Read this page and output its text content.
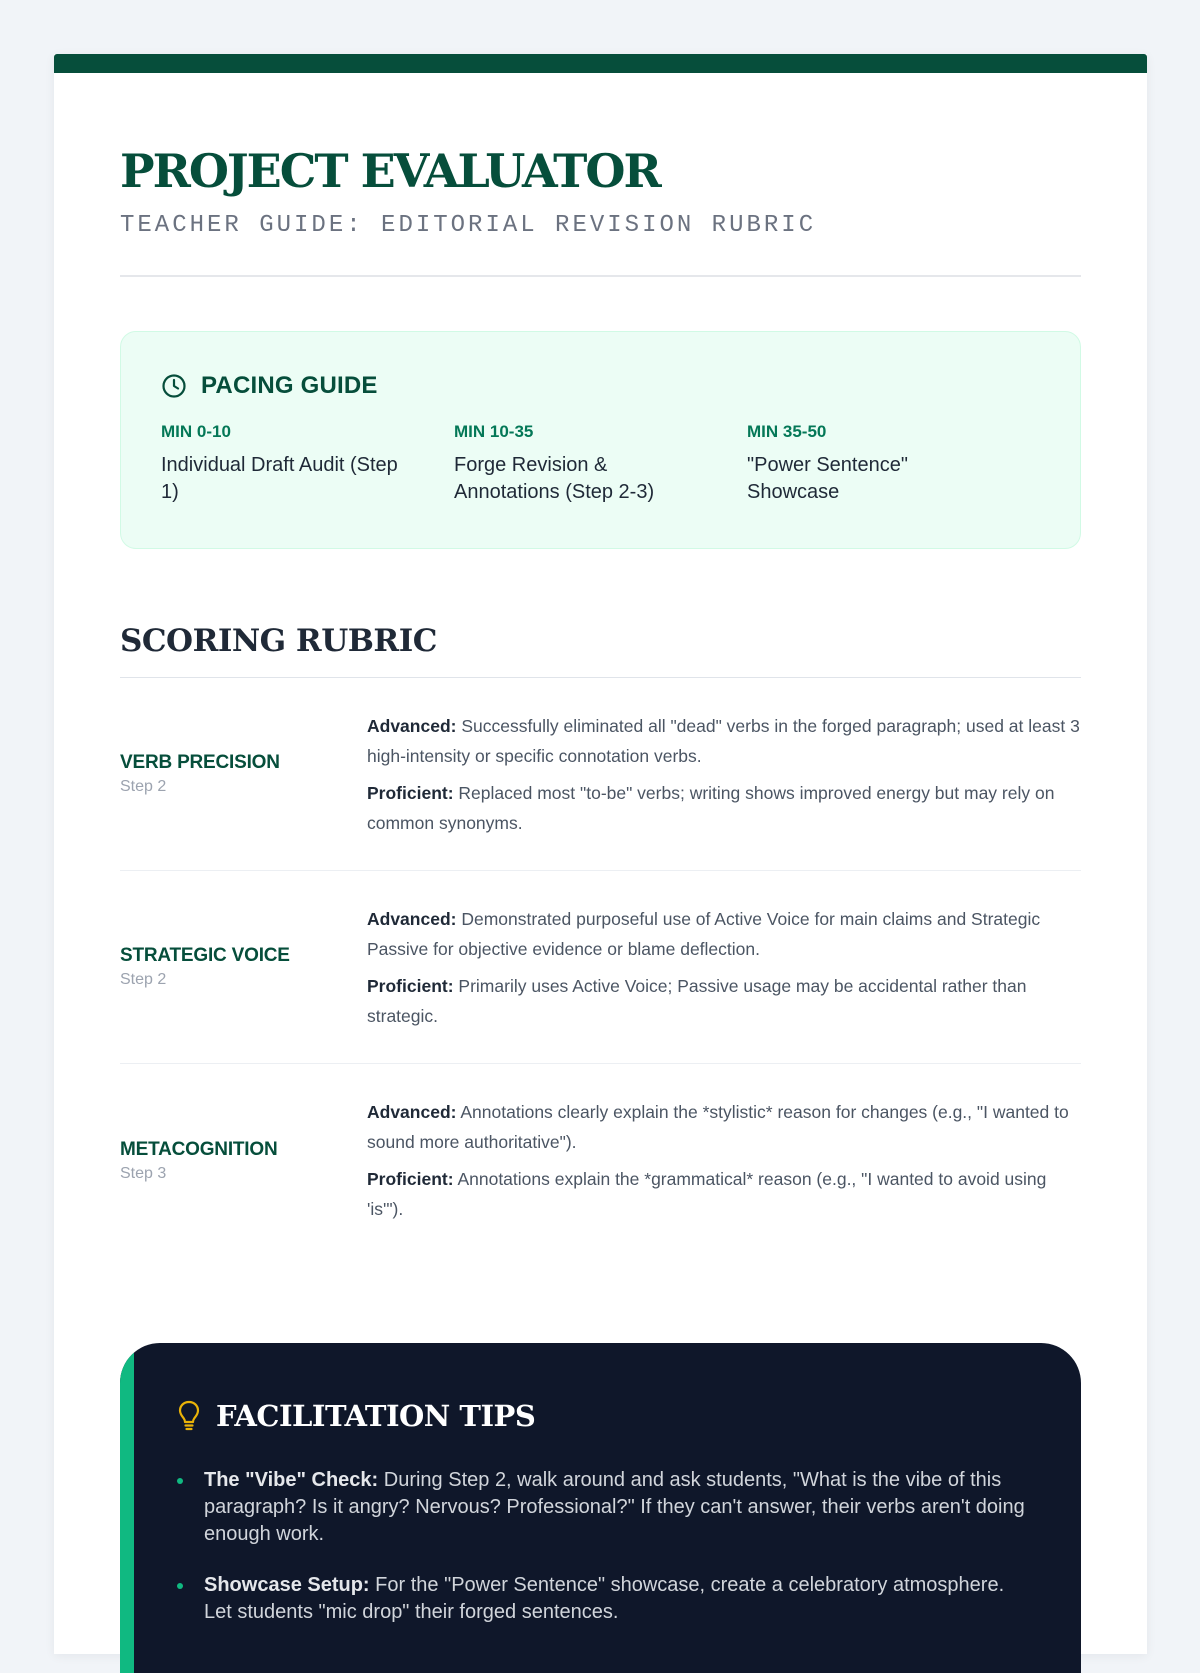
PROJECT EVALUATOR
TEACHER GUIDE: EDITORIAL REVISION RUBRIC
PACING GUIDE
MIN 0-10
Individual Draft Audit (Step 1)
MIN 10-35
Forge Revision & Annotations (Step 2-3)
MIN 35-50
"Power Sentence" Showcase
SCORING RUBRIC
VERB PRECISION
Step 2

Advanced: Successfully eliminated all "dead" verbs in the forged paragraph; used at least 3 high-intensity or specific connotation verbs.

Proficient: Replaced most "to-be" verbs; writing shows improved energy but may rely on common synonyms.

STRATEGIC VOICE
Step 2

Advanced: Demonstrated purposeful use of Active Voice for main claims and Strategic Passive for objective evidence or blame deflection.

Proficient: Primarily uses Active Voice; Passive usage may be accidental rather than strategic.

METACOGNITION
Step 3

Advanced: Annotations clearly explain the *stylistic* reason for changes (e.g., "I wanted to sound more authoritative").

Proficient: Annotations explain the *grammatical* reason (e.g., "I wanted to avoid using 'is'").

FACILITATION TIPS
The "Vibe" Check: During Step 2, walk around and ask students, "What is the vibe of this paragraph? Is it angry? Nervous? Professional?" If they can't answer, their verbs aren't doing enough work.
Showcase Setup: For the "Power Sentence" showcase, create a celebratory atmosphere. Let students "mic drop" their forged sentences.
